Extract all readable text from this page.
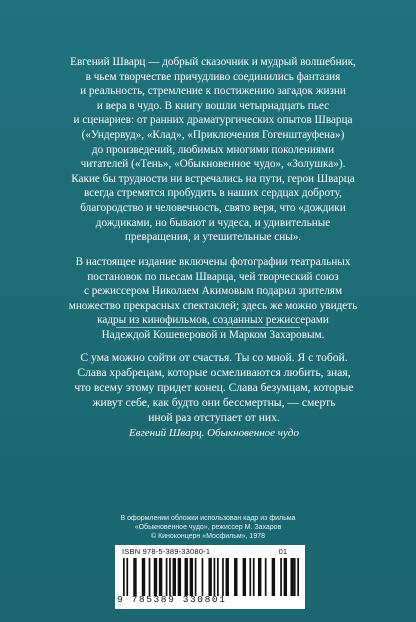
Евгений Шварц — добрый сказочник и мудрый волшебник,
в чьем творчестве причудливо соединились фантазия
и реальность, стремление к постижению загадок жизни
и вера в чудо. В книгу вошли четырнадцать пьес
и сценариев: от ранних драматургических опытов Шварца
(«Ундервуд», «Клад», «Приключения Гогенштауфена»)
до произведений, любимых многими поколениями
читателей («Тень», «Обыкновенное чудо», «Золушка»).
Какие бы трудности ни встречались на пути, герои Шварца
всегда стремятся пробудить в наших сердцах доброту,
благородство и человечность, свято веря, что «дождики
дождиками, но бывают и чудеса, и удивительные
превращения, и утешительные сны».

В настоящее издание включены фотографии театральных
постановок по пьесам Шварца, чей творческий союз
с режиссером Николаем Акимовым подарил зрителям
множество прекрасных спектаклей; здесь же можно увидеть
кадры из кинофильмов, созданных режиссерами
Надеждой Кошеверовой и Марком Захаровым.

С ума можно сойти от счастья. Ты со мной. Я с тобой.
Слава храбрецам, которые осмеливаются любить, зная,
что всему этому придет конец. Слава безумцам, которые
живут себе, как будто они бессмертны, — смерть
иной раз отступает от них.

Евгений Шварц. Обыкновенное чудо

В оформлении обложки использован кадр из фильма
«Обыкновенное чудо», режиссер М. Захаров
© Киноконцерн «Мосфильм», 1978

ISBN 978-5-389-33080-1	01
9 785389 330801
